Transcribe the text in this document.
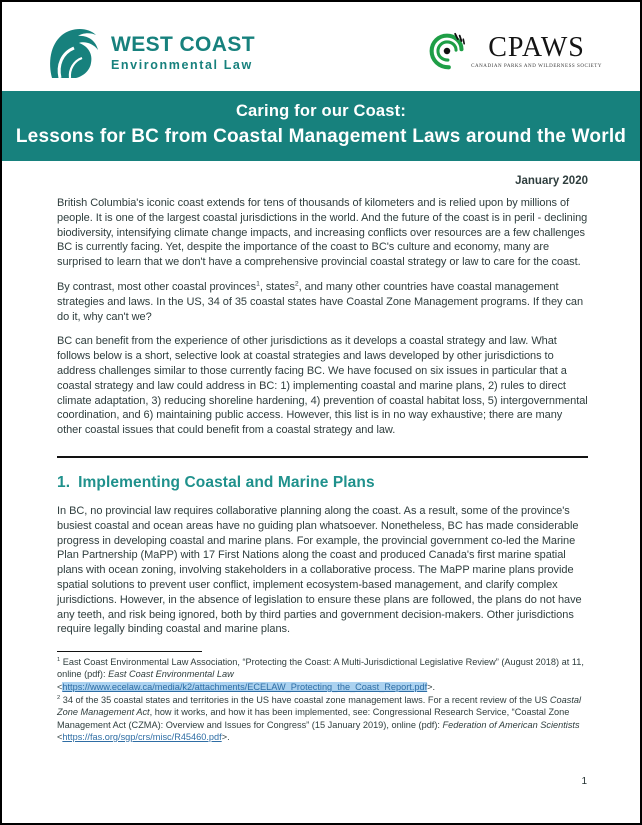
WEST COAST
Environmental Law
CPAWS
CANADIAN PARKS AND WILDERNESS SOCIETY
Caring for our Coast:
Lessons for BC from Coastal Management Laws around the World
January 2020

British Columbia's iconic coast extends for tens of thousands of kilometers and is relied upon by millions of people. It is one of the largest coastal jurisdictions in the world. And the future of the coast is in peril - declining biodiversity, intensifying climate change impacts, and increasing conflicts over resources are a few challenges BC is currently facing. Yet, despite the importance of the coast to BC's culture and economy, many are surprised to learn that we don't have a comprehensive provincial coastal strategy or law to care for the coast.

By contrast, most other coastal provinces$^1$, states$^2$, and many other countries have coastal management strategies and laws. In the US, 34 of 35 coastal states have Coastal Zone Management programs. If they can do it, why can't we?

BC can benefit from the experience of other jurisdictions as it develops a coastal strategy and law. What follows below is a short, selective look at coastal strategies and laws developed by other jurisdictions to address challenges similar to those currently facing BC. We have focused on six issues in particular that a coastal strategy and law could address in BC: 1) implementing coastal and marine plans, 2) rules to direct climate adaptation, 3) reducing shoreline hardening, 4) prevention of coastal habitat loss, 5) intergovernmental coordination, and 6) maintaining public access. However, this list is in no way exhaustive; there are many other coastal issues that could benefit from a coastal strategy and law.

1. Implementing Coastal and Marine Plans

In BC, no provincial law requires collaborative planning along the coast. As a result, some of the province's busiest coastal and ocean areas have no guiding plan whatsoever. Nonetheless, BC has made considerable progress in developing coastal and marine plans. For example, the provincial government co-led the Marine Plan Partnership (MaPP) with 17 First Nations along the coast and produced Canada's first marine spatial plans with ocean zoning, involving stakeholders in a collaborative process. The MaPP marine plans provide spatial solutions to prevent user conflict, implement ecosystem-based management, and clarify complex jurisdictions. However, in the absence of legislation to ensure these plans are followed, the plans do not have any teeth, and risk being ignored, both by third parties and government decision-makers. Other jurisdictions require legally binding coastal and marine plans.

$^1$ East Coast Environmental Law Association, “Protecting the Coast: A Multi-Jurisdictional Legislative Review” (August 2018) at 11, online (pdf): East Coast Environmental Law <https://www.ecelaw.ca/media/k2/attachments/ECELAW_Protecting_the_Coast_Report.pdf>.
$^2$ 34 of the 35 coastal states and territories in the US have coastal zone management laws. For a recent review of the US Coastal Zone Management Act, how it works, and how it has been implemented, see: Congressional Research Service, “Coastal Zone Management Act (CZMA): Overview and Issues for Congress” (15 January 2019), online (pdf): Federation of American Scientists <https://fas.org/sgp/crs/misc/R45460.pdf>.
1
